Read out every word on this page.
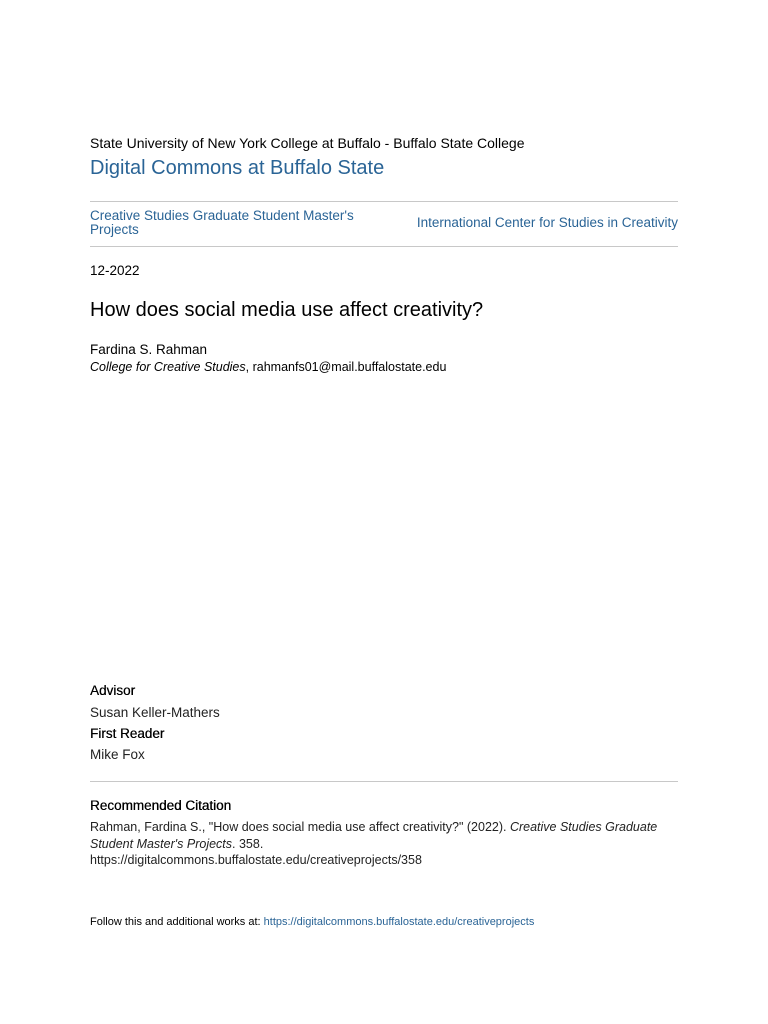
State University of New York College at Buffalo - Buffalo State College
Digital Commons at Buffalo State
Creative Studies Graduate Student Master's Projects	International Center for Studies in Creativity
12-2022
How does social media use affect creativity?
Fardina S. Rahman
College for Creative Studies, rahmanfs01@mail.buffalostate.edu
Advisor
Susan Keller-Mathers
First Reader
Mike Fox
Recommended Citation
Rahman, Fardina S., "How does social media use affect creativity?" (2022). Creative Studies Graduate Student Master's Projects. 358.
https://digitalcommons.buffalostate.edu/creativeprojects/358
Follow this and additional works at: https://digitalcommons.buffalostate.edu/creativeprojects
